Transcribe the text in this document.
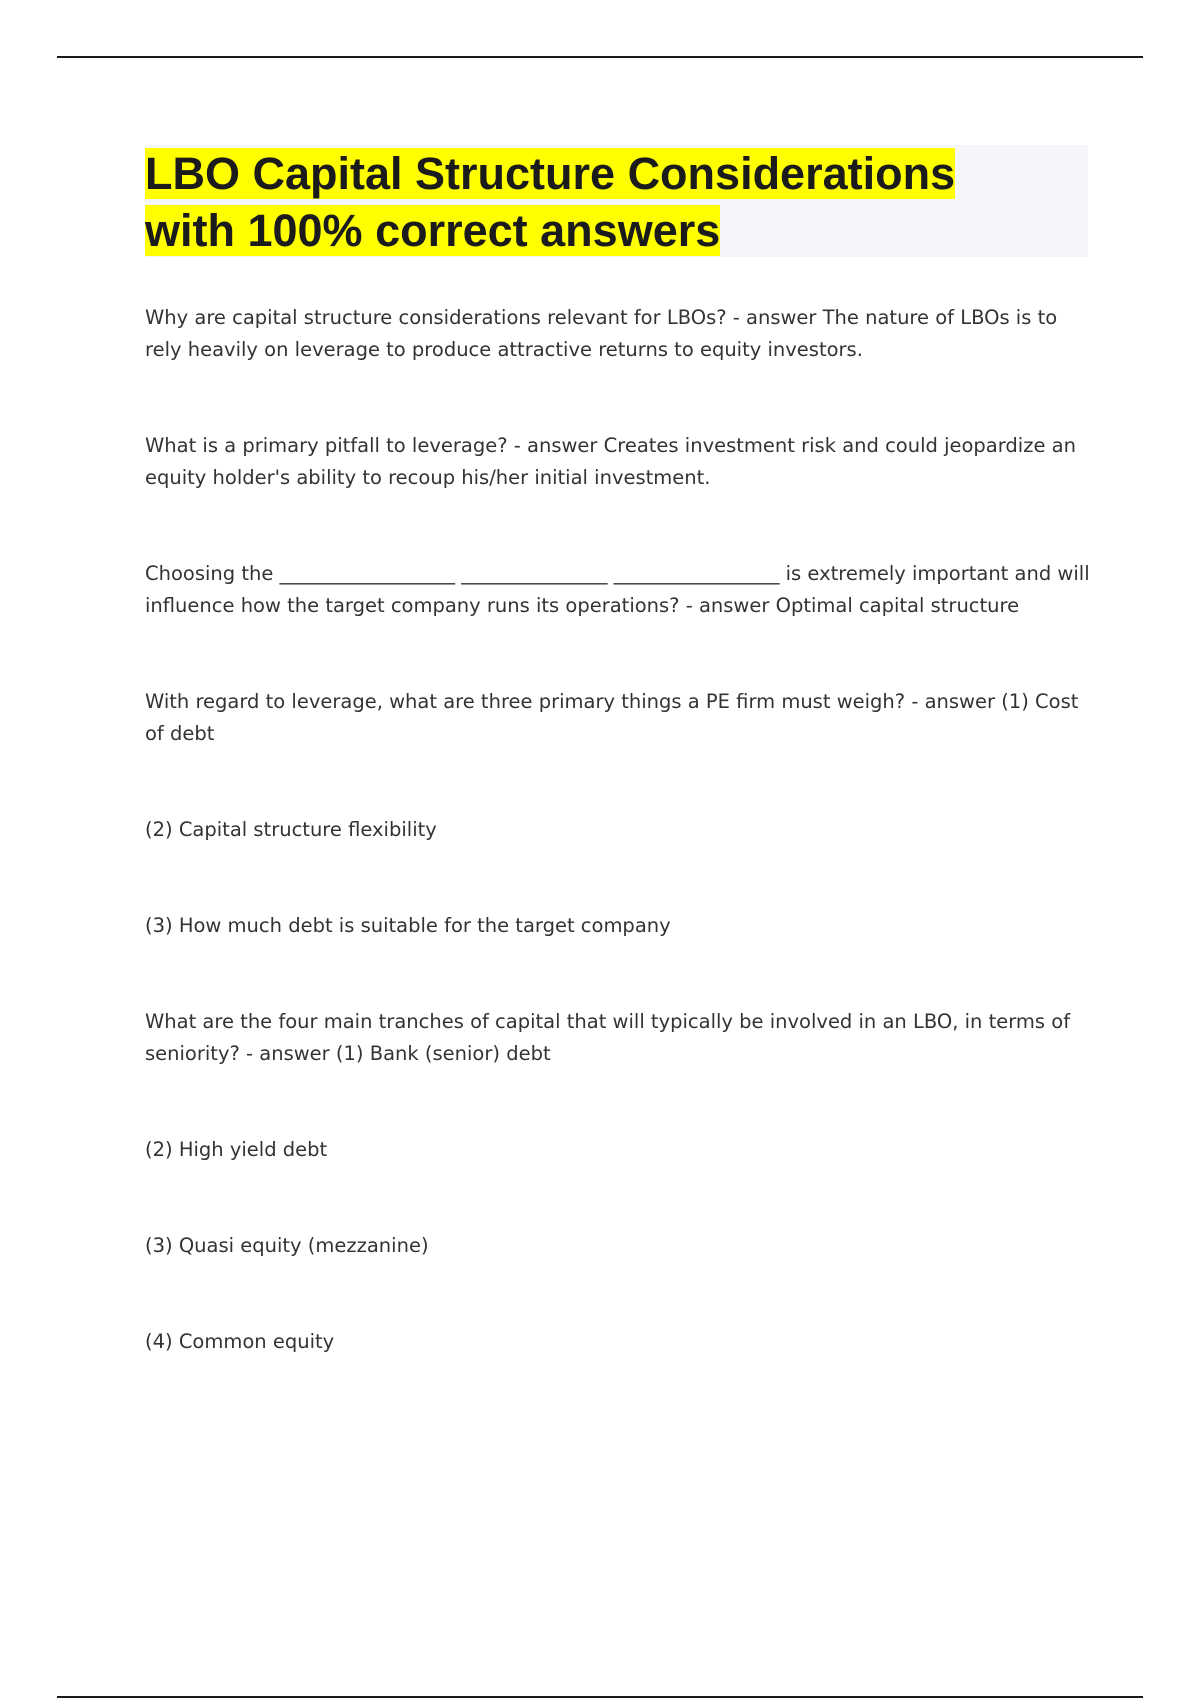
LBO Capital Structure Considerations
with 100% correct answers

Why are capital structure considerations relevant for LBOs? - answer The nature of LBOs is to rely heavily on leverage to produce attractive returns to equity investors.

What is a primary pitfall to leverage? - answer Creates investment risk and could jeopardize an equity holder's ability to recoup his/her initial investment.

Choosing the __________________ _______________ _________________ is extremely important and will influence how the target company runs its operations? - answer Optimal capital structure

With regard to leverage, what are three primary things a PE firm must weigh? - answer (1) Cost of debt

(2) Capital structure flexibility

(3) How much debt is suitable for the target company

What are the four main tranches of capital that will typically be involved in an LBO, in terms of seniority? - answer (1) Bank (senior) debt

(2) High yield debt

(3) Quasi equity (mezzanine)

(4) Common equity
